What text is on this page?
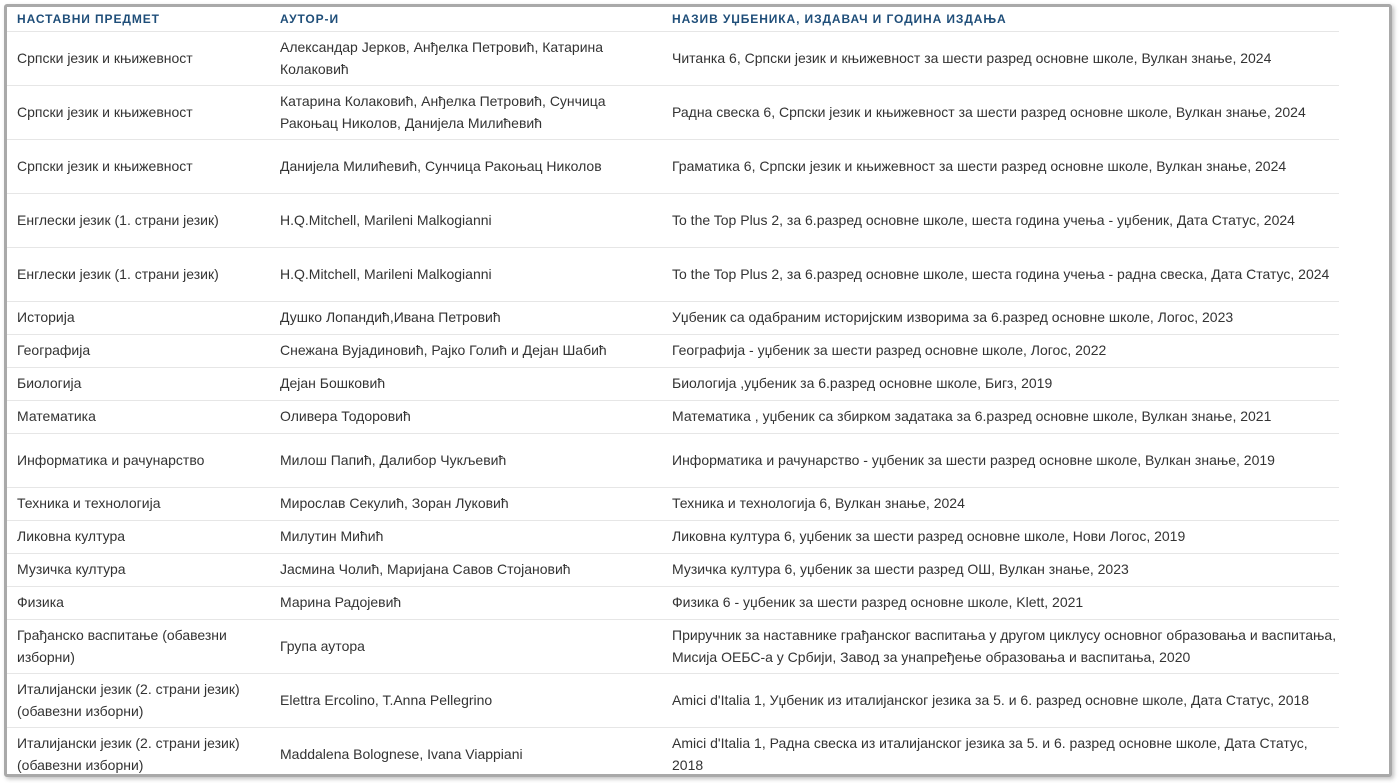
НАСТАВНИ ПРЕДМЕТ	АУТОР-И	НАЗИВ УЏБЕНИКА, ИЗДАВАЧ И ГОДИНА ИЗДАЊА
Српски језик и књижевност	Александар Јерков, Анђелка Петровић, Катарина Колаковић	Читанка 6, Српски језик и књижевност за шести разред основне школе, Вулкан знање, 2024
Српски језик и књижевност	Катарина Колаковић, Анђелка Петровић, Сунчица Ракоњац Николов, Данијела Милићевић	Радна свеска 6, Српски језик и књижевност за шести разред основне школе, Вулкан знање, 2024
Српски језик и књижевност	Данијела Милићевић, Сунчица Ракоњац Николов	Граматика 6, Српски језик и књижевност за шести разред основне школе, Вулкан знање, 2024
Енглески језик (1. страни језик)	H.Q.Mitchell, Marileni Malkogianni	To the Top Plus 2, за 6.разред основне школе, шеста година учења - уџбеник, Дата Статус, 2024
Енглески језик (1. страни језик)	H.Q.Mitchell, Marileni Malkogianni	To the Top Plus 2, за 6.разред основне школе, шеста година учења - радна свеска, Дата Статус, 2024
Историја	Душко Лопандић,Ивана Петровић	Уџбеник са одабраним историјским изворима за 6.разред основне школе, Логос, 2023
Географија	Снежана Вујадиновић, Рајко Голић и Дејан Шабић	Географија - уџбеник за шести разред основне школе, Логос, 2022
Биологија	Дејан Бошковић	Биологија ,уџбеник за 6.разред основне школе, Бигз, 2019
Математика	Оливера Тодоровић	Математика , уџбеник са збирком задатака за 6.разред основне школе, Вулкан знање, 2021
Информатика и рачунарство	Милош Папић, Далибор Чукљевић	Информатика и рачунарство - уџбеник за шести разред основне школе, Вулкан знање, 2019
Техника и технологија	Мирослав Секулић, Зоран Луковић	Техника и технологија 6, Вулкан знање, 2024
Ликовна култура	Милутин Мићић	Ликовна култура 6, уџбеник за шести разред основне школе, Нови Логос, 2019
Музичка култура	Јасмина Чолић, Маријана Савов Стојановић	Музичка култура 6, уџбеник за шести разред ОШ, Вулкан знање, 2023
Физика	Марина Радојевић	Физика 6 - уџбеник за шести разред основне школе, Klett, 2021
Грађанско васпитање (обавезни изборни)	Група аутора	Приручник за наставнике грађанског васпитања у другом циклусу основног образовања и васпитања, Мисија ОЕБС-а у Србији, Завод за унапређење образовања и васпитања, 2020
Италијански језик (2. страни језик) (обавезни изборни)	Elettra Ercolino, T.Anna Pellegrino	Amici d'Italia 1, Уџбеник из италијанског језика за 5. и 6. разред основне школе, Дата Статус, 2018
Италијански језик (2. страни језик) (обавезни изборни)	Maddalena Bolognese, Ivana Viappiani	Amici d'Italia 1, Радна свеска из италијанског језика за 5. и 6. разред основне школе, Дата Статус, 2018
